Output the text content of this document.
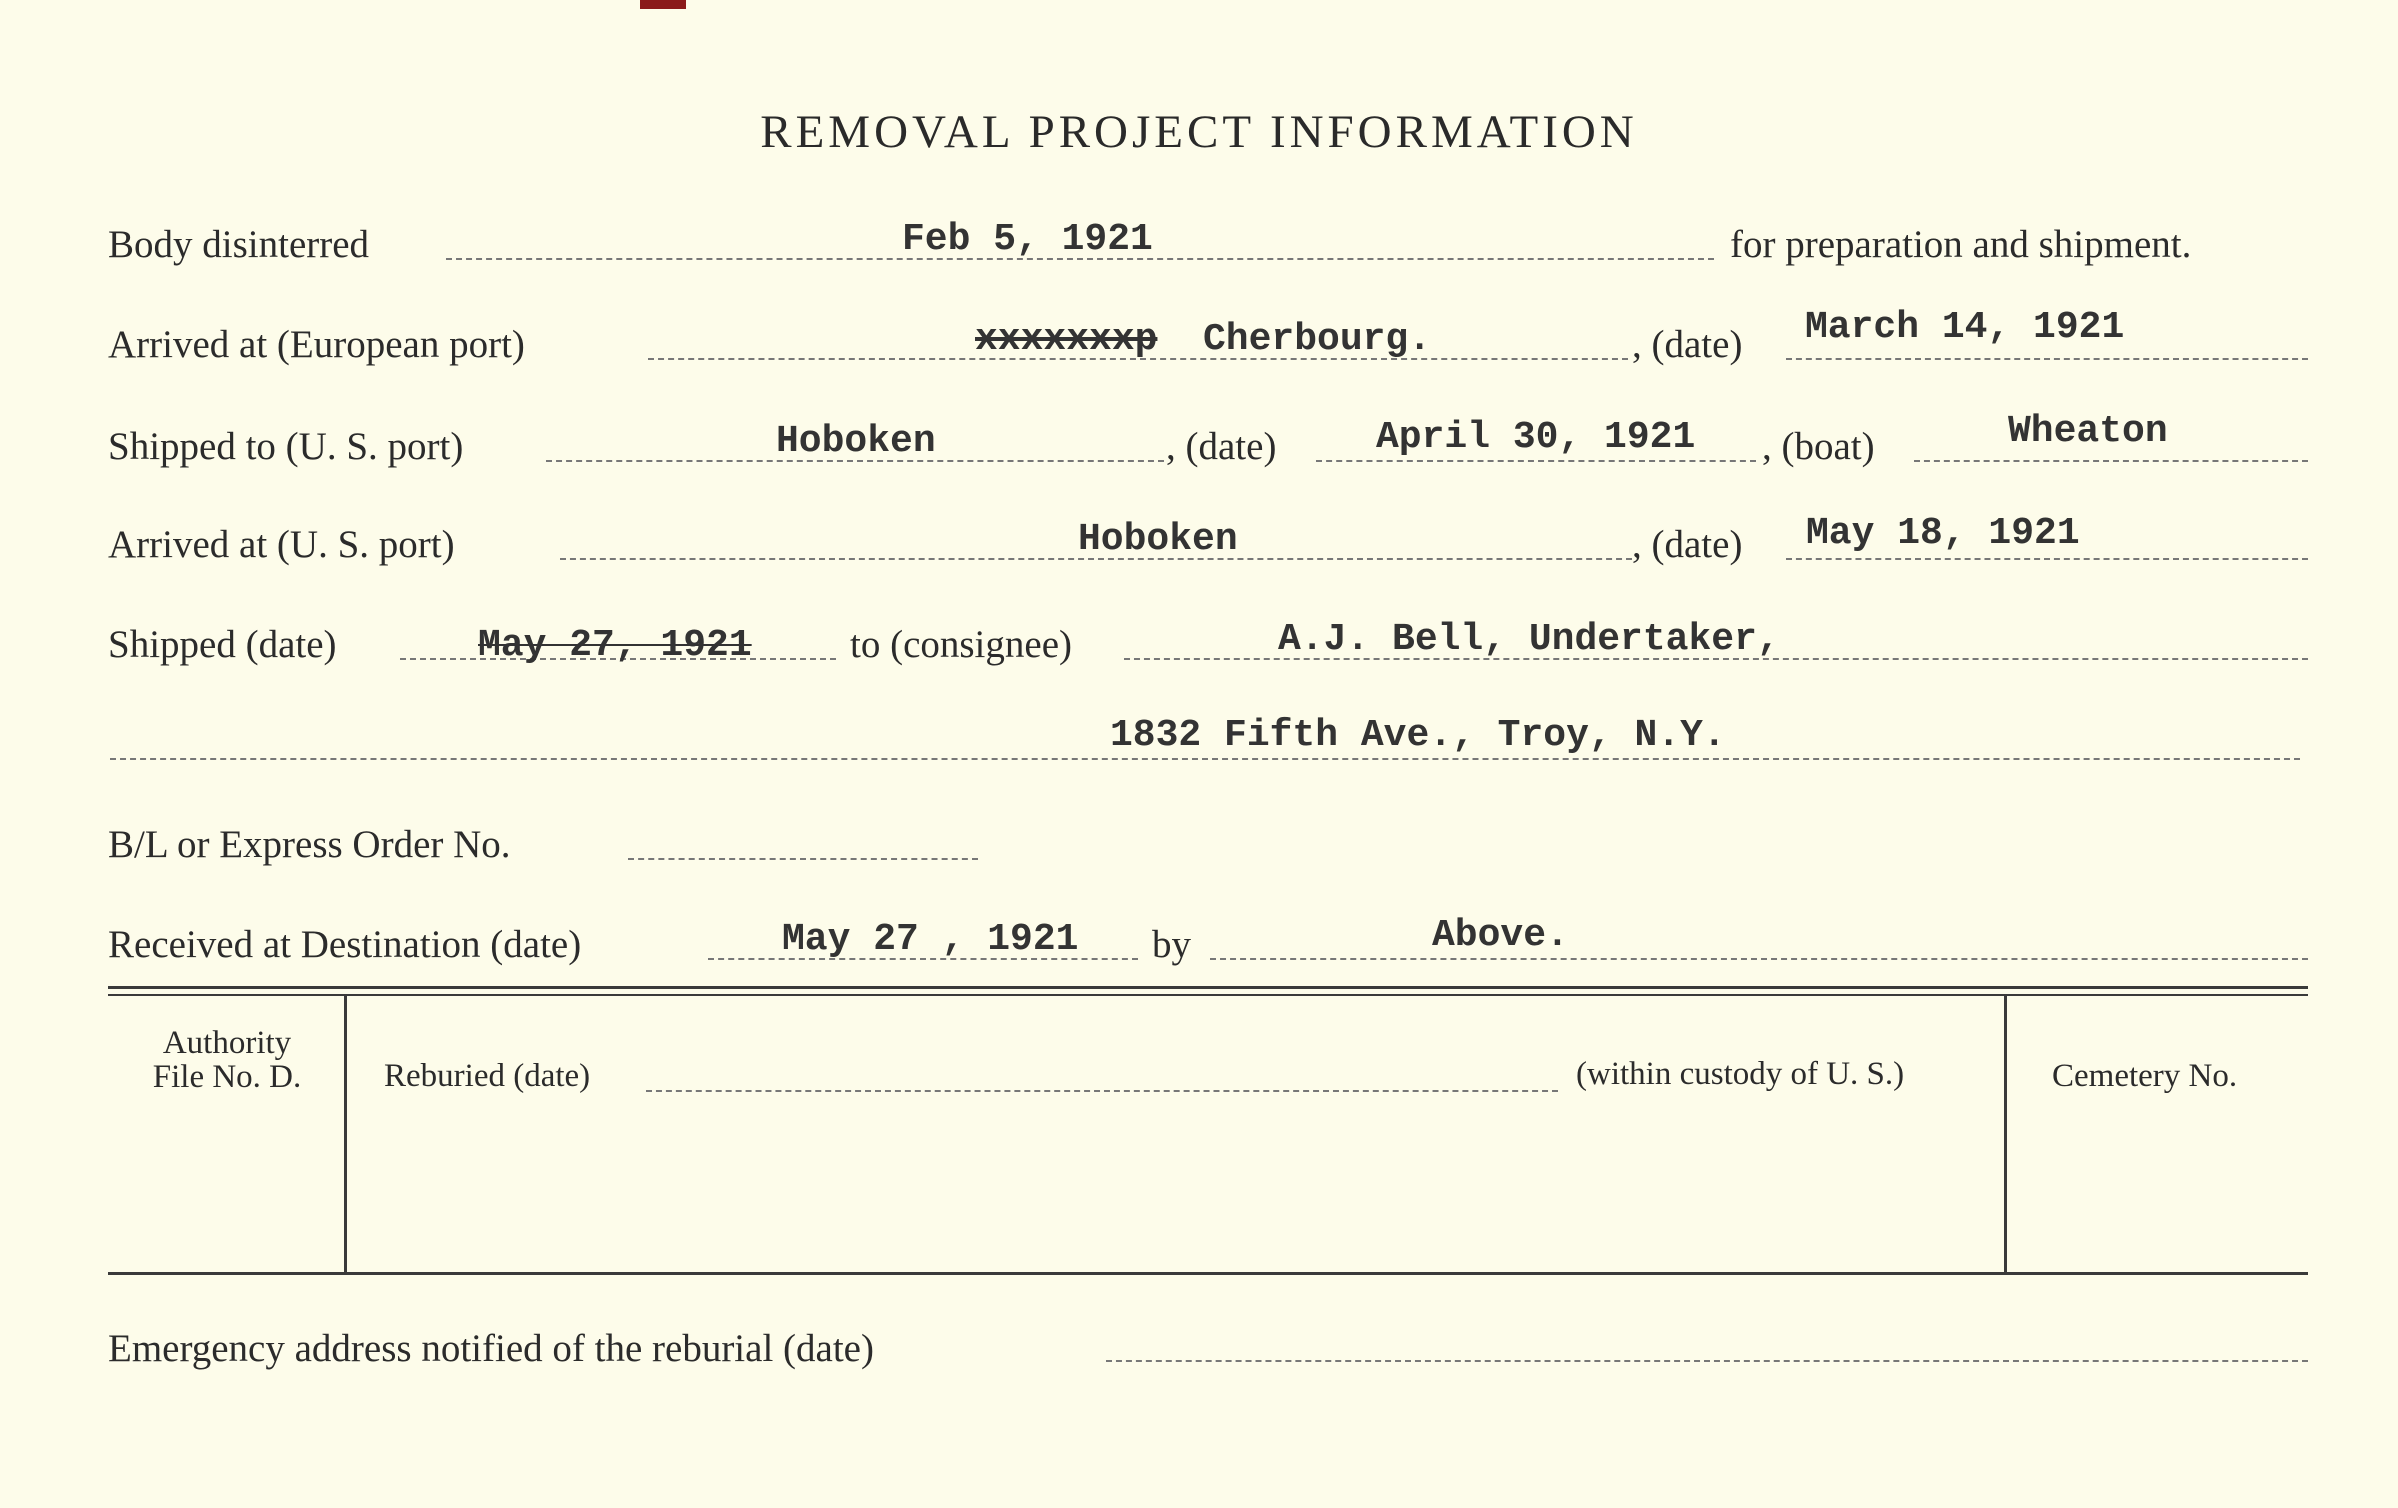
REMOVAL PROJECT INFORMATION
Body disinterred	Feb 5, 1921	for preparation and shipment.
Arrived at (European port)	xxxxxxxp Cherbourg.	, (date) March 14, 1921
Shipped to (U. S. port)	Hoboken	, (date)	April 30, 1921 , (boat)	Wheaton
Arrived at (U. S. port)	Hoboken	, (date) May 18, 1921
Shipped (date)	May 27, 1921	to (consignee)	A.J. Bell, Undertaker,
1832 Fifth Ave., Troy, N.Y.
B/L or Express Order No.
Received at Destination (date)	May 27 , 1921 by	Above.
Authority
File No. D.	Reburied (date)	(within custody of U. S.)	Cemetery No.
Emergency address notified of the reburial (date)
